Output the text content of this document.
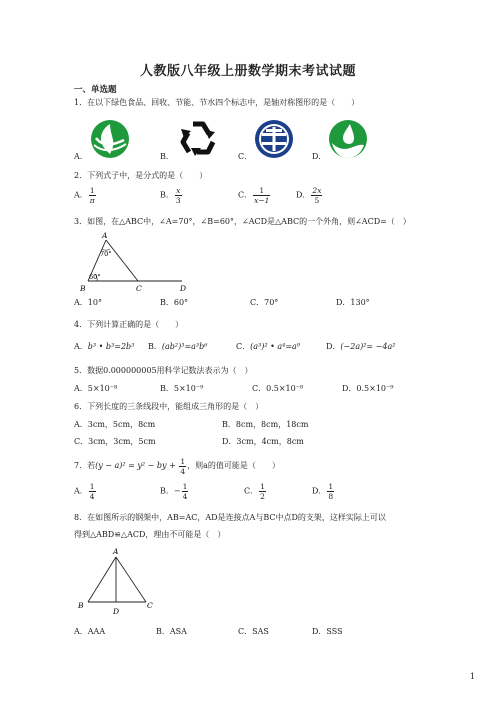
人教版八年级上册数学期末考试试题
一、单选题
1．在以下绿色食品、回收、节能、节水四个标志中，是轴对称图形的是（　　）
A．	B．	C．	D．
2．下列式子中，是分式的是（　　）
A． $\frac{1}{\pi}$	B． $\frac{x}{3}$	C． $\frac{1}{x-1}$	D． $\frac{2x}{5}$
3．如图，在△ABC中，∠A=70°，∠B=60°，∠ACD是△ABC的一个外角，则∠ACD=（　）
A
70°
60°
B	C	D
A．10°	B．60°	C．70°	D．130°
4．下列计算正确的是（　　）
A．b³ • b³=2b³ B．(ab²)³=a³b⁶	C．(a³)² • a⁴=a⁹	D．(−2a)²= −4a²
5．数据0.000000005用科学记数法表示为（　）
A．5×10⁻⁸	B．5×10⁻⁹	C．0.5×10⁻⁸	D．0.5×10⁻⁹
6．下列长度的三条线段中，能组成三角形的是（　）
A．3cm，5cm，8cm	B．8cm，8cm，18cm
C．3cm，3cm，5cm	D．3cm，4cm，8cm
7．若(y − a)² = y² − by + $\frac{1}{4}$ ，则a的值可能是（　　）
A． $\frac{1}{4}$	B．− $\frac{1}{4}$	C． $\frac{1}{2}$	D． $\frac{1}{8}$
8．在如图所示的钢架中，AB=AC，AD是连接点A与BC中点D的支架，这样实际上可以
得到△ABD≌△ACD，理由不可能是（　）
A
B	C
D
A．AAA	B．ASA	C．SAS	D．SSS
1
